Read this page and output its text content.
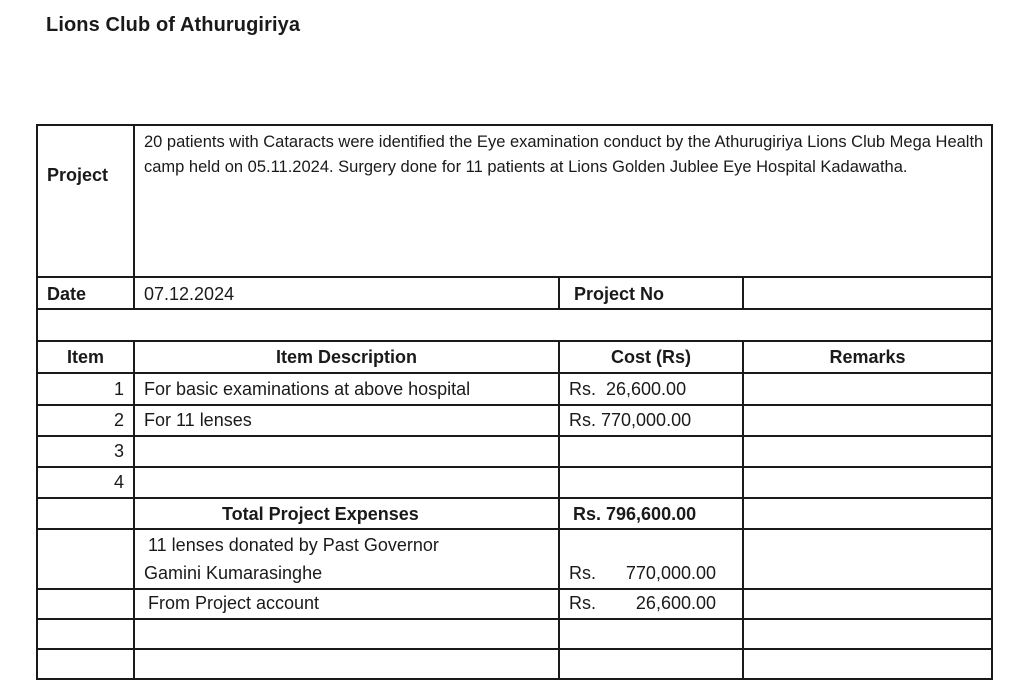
Lions Club of Athurugiriya
Project
20 patients with Cataracts were identified the Eye examination conduct by the Athurugiriya Lions Club Mega Health camp held on 05.11.2024. Surgery done for 11 patients at Lions Golden Jublee Eye Hospital Kadawatha.
Date	07.12.2024	Project No
Item	Item Description	Cost (Rs)	Remarks
1 For basic examinations at above hospital	Rs.  26,600.00
2 For 11 lenses	Rs. 770,000.00
3
4
Total Project Expenses	Rs. 796,600.00
11 lenses donated by Past Governor
Gamini Kumarasinghe	Rs.	770,000.00
From Project account	Rs.	26,600.00
